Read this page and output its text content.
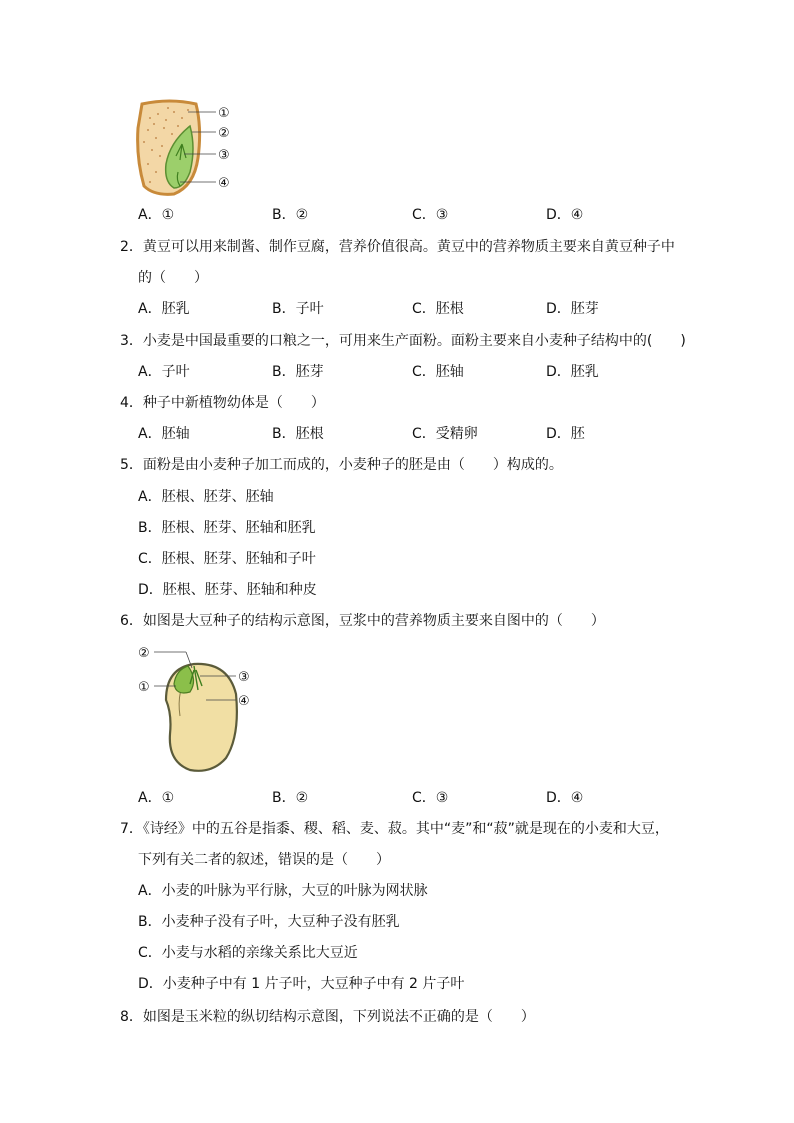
①
②
③
④
A．①	B．②	C．③	D．④
2．黄豆可以用来制酱、制作豆腐，营养价值很高。黄豆中的营养物质主要来自黄豆种子中
的（　　）
A．胚乳	B．子叶	C．胚根	D．胚芽
3．小麦是中国最重要的口粮之一，可用来生产面粉。面粉主要来自小麦种子结构中的(　　)
A．子叶	B．胚芽	C．胚轴	D．胚乳
4．种子中新植物幼体是（　　）
A．胚轴	B．胚根	C．受精卵	D．胚
5．面粉是由小麦种子加工而成的，小麦种子的胚是由（　　）构成的。
A．胚根、胚芽、胚轴
B．胚根、胚芽、胚轴和胚乳
C．胚根、胚芽、胚轴和子叶
D．胚根、胚芽、胚轴和种皮
6．如图是大豆种子的结构示意图，豆浆中的营养物质主要来自图中的（　　）
②
①
③
④
A．①	B．②	C．③	D．④
7．《诗经》中的五谷是指黍、稷、稻、麦、菽。其中“麦”和“菽”就是现在的小麦和大豆，
下列有关二者的叙述，错误的是（　　）
A．小麦的叶脉为平行脉，大豆的叶脉为网状脉
B．小麦种子没有子叶，大豆种子没有胚乳
C．小麦与水稻的亲缘关系比大豆近
D．小麦种子中有 1 片子叶，大豆种子中有 2 片子叶
8．如图是玉米粒的纵切结构示意图，下列说法不正确的是（　　）
